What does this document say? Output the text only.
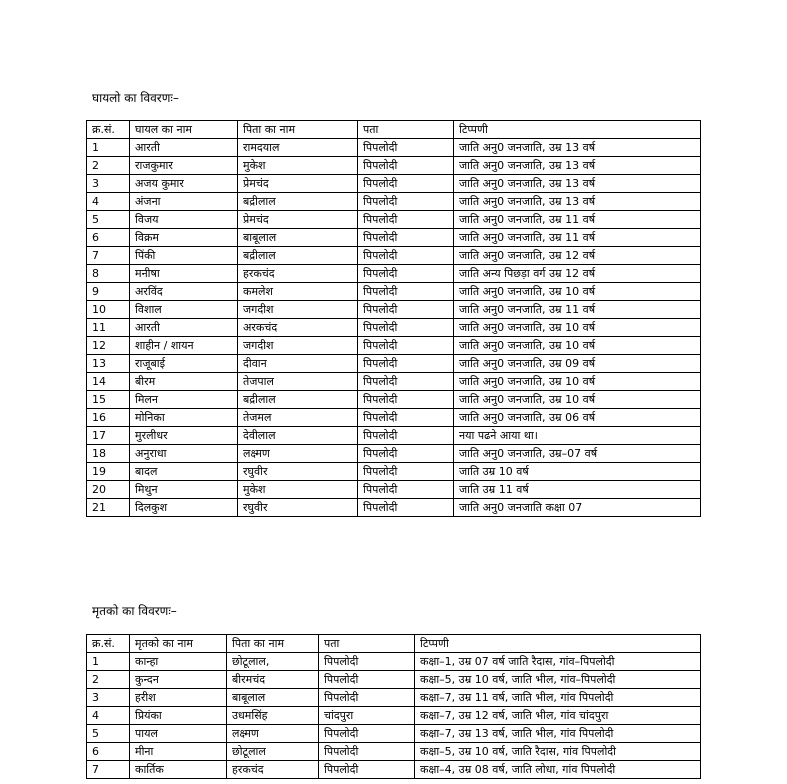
घायलो का विवरणः–
क्र.सं.	घायल का नाम	पिता का नाम	पता	टिप्पणी
1	आरती	रामदयाल	पिपलोदी	जाति अनु0 जनजाति, उम्र 13 वर्ष
2	राजकुमार	मुकेश	पिपलोदी	जाति अनु0 जनजाति, उम्र 13 वर्ष
3	अजय कुमार	प्रेमचंद	पिपलोदी	जाति अनु0 जनजाति, उम्र 13 वर्ष
4	अंजना	बद्रीलाल	पिपलोदी	जाति अनु0 जनजाति, उम्र 13 वर्ष
5	विजय	प्रेमचंद	पिपलोदी	जाति अनु0 जनजाति, उम्र 11 वर्ष
6	विक्रम	बाबूलाल	पिपलोदी	जाति अनु0 जनजाति, उम्र 11 वर्ष
7	पिंकी	बद्रीलाल	पिपलोदी	जाति अनु0 जनजाति, उम्र 12 वर्ष
8	मनीषा	हरकचंद	पिपलोदी	जाति अन्य पिछड़ा वर्ग उम्र 12 वर्ष
9	अरविंद	कमलेश	पिपलोदी	जाति अनु0 जनजाति, उम्र 10 वर्ष
10	विशाल	जगदीश	पिपलोदी	जाति अनु0 जनजाति, उम्र 11 वर्ष
11	आरती	अरकचंद	पिपलोदी	जाति अनु0 जनजाति, उम्र 10 वर्ष
12	शाहीन / शायन	जगदीश	पिपलोदी	जाति अनु0 जनजाति, उम्र 10 वर्ष
13	राजूबाई	दीवान	पिपलोदी	जाति अनु0 जनजाति, उम्र 09 वर्ष
14	बीरम	तेजपाल	पिपलोदी	जाति अनु0 जनजाति, उम्र 10 वर्ष
15	मिलन	बद्रीलाल	पिपलोदी	जाति अनु0 जनजाति, उम्र 10 वर्ष
16	मोनिका	तेजमल	पिपलोदी	जाति अनु0 जनजाति, उम्र 06 वर्ष
17	मुरलीधर	देवीलाल	पिपलोदी	नया पढने आया था।
18	अनुराधा	लक्ष्मण	पिपलोदी	जाति अनु0 जनजाति, उम्र–07 वर्ष
19	बादल	रघुवीर	पिपलोदी	जाति उम्र 10 वर्ष
20	मिथुन	मुकेश	पिपलोदी	जाति उम्र 11 वर्ष
21	दिलकुश	रघुवीर	पिपलोदी	जाति अनु0 जनजाति कक्षा 07
मृतको का विवरणः–
क्र.सं.	मृतको का नाम	पिता का नाम	पता	टिप्पणी
1	कान्हा	छोटूलाल,	पिपलोदी	कक्षा–1, उम्र 07 वर्ष जाति रैदास, गांव–पिपलोदी
2	कुन्दन	बीरमचंद	पिपलोदी	कक्षा–5, उम्र 10 वर्ष, जाति भील, गांव–पिपलोदी
3	हरीश	बाबूलाल	पिपलोदी	कक्षा–7, उम्र 11 वर्ष, जाति भील, गांव पिपलोदी
4	प्रियंका	उधमसिंह	चांदपुरा	कक्षा–7, उम्र 12 वर्ष, जाति भील, गांव चांदपुरा
5	पायल	लक्ष्मण	पिपलोदी	कक्षा–7, उम्र 13 वर्ष, जाति भील, गांव पिपलोदी
6	मीना	छोटूलाल	पिपलोदी	कक्षा–5, उम्र 10 वर्ष, जाति रैदास, गांव पिपलोदी
7	कार्तिक	हरकचंद	पिपलोदी	कक्षा–4, उम्र 08 वर्ष, जाति लोधा, गांव पिपलोदी
